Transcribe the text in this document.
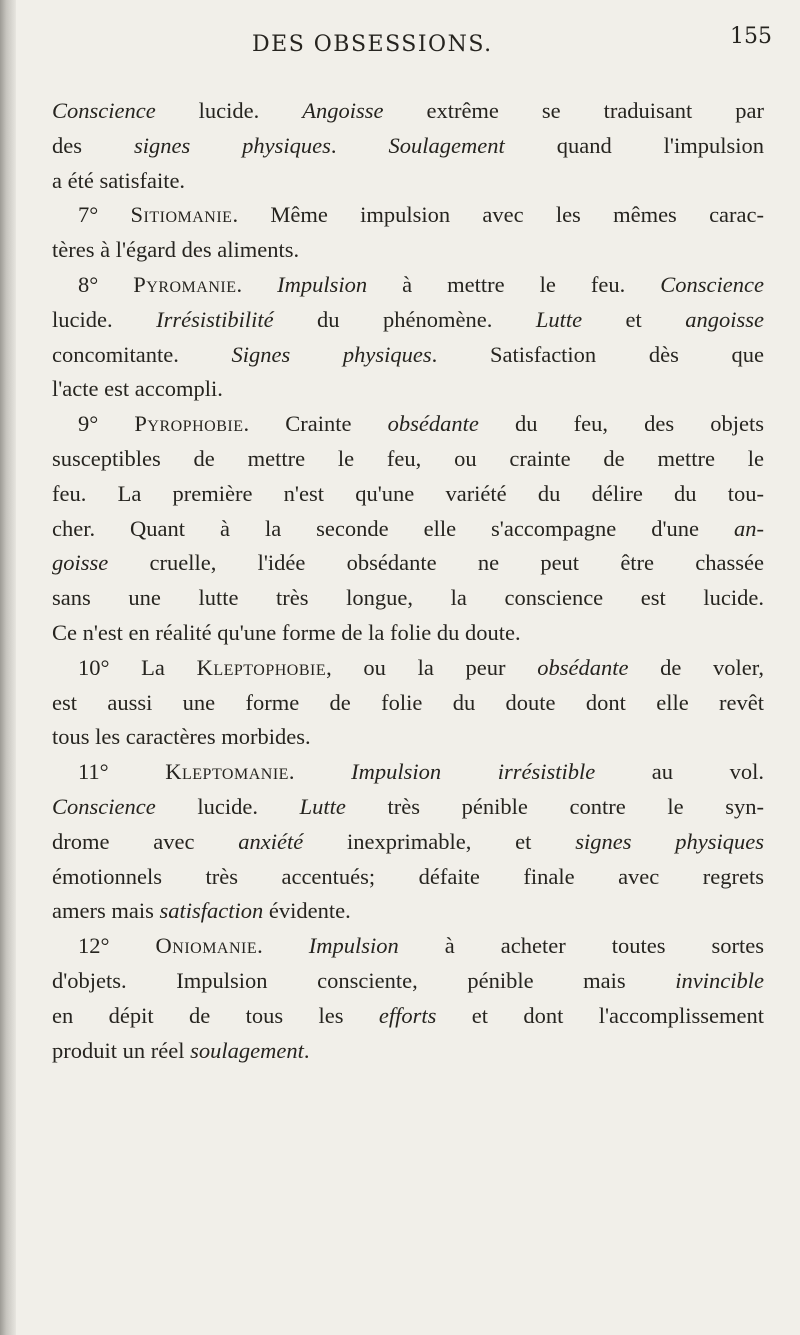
DES OBSESSIONS.	155
Conscience lucide. Angoisse extrême se traduisant par
des signes physiques. Soulagement quand l'impulsion
a été satisfaite.
7° Sitiomanie. Même impulsion avec les mêmes carac-
tères à l'égard des aliments.
8° Pyromanie. Impulsion à mettre le feu. Conscience
lucide. Irrésistibilité du phénomène. Lutte et angoisse
concomitante. Signes physiques. Satisfaction dès que
l'acte est accompli.
9° Pyrophobie. Crainte obsédante du feu, des objets
susceptibles de mettre le feu, ou crainte de mettre le
feu. La première n'est qu'une variété du délire du tou-
cher. Quant à la seconde elle s'accompagne d'une an-
goisse cruelle, l'idée obsédante ne peut être chassée
sans une lutte très longue, la conscience est lucide.
Ce n'est en réalité qu'une forme de la folie du doute.
10° La Kleptophobie, ou la peur obsédante de voler,
est aussi une forme de folie du doute dont elle revêt
tous les caractères morbides.
11° Kleptomanie. Impulsion irrésistible au vol.
Conscience lucide. Lutte très pénible contre le syn-
drome avec anxiété inexprimable, et signes physiques
émotionnels très accentués; défaite finale avec regrets
amers mais satisfaction évidente.
12° Oniomanie. Impulsion à acheter toutes sortes
d'objets. Impulsion consciente, pénible mais invincible
en dépit de tous les efforts et dont l'accomplissement
produit un réel soulagement.
